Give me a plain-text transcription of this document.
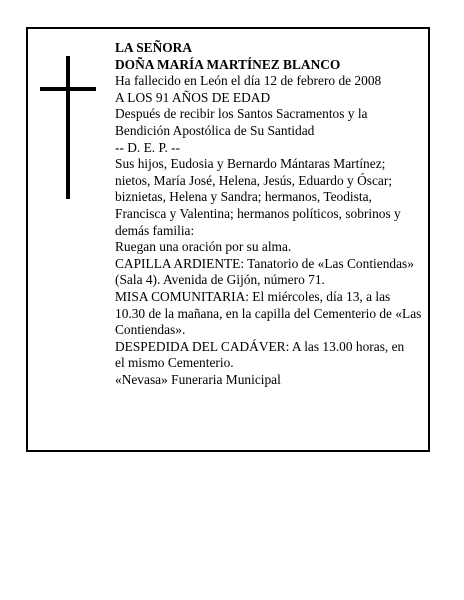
LA SEÑORA
DOÑA MARÍA MARTÍNEZ BLANCO
Ha fallecido en León el día 12 de febrero de 2008
A LOS 91 AÑOS DE EDAD
Después de recibir los Santos Sacramentos y la
Bendición Apostólica de Su Santidad
-- D. E. P. --
Sus hijos, Eudosia y Bernardo Mántaras Martínez;
nietos, María José, Helena, Jesús, Eduardo y Óscar;
biznietas, Helena y Sandra; hermanos, Teodista,
Francisca y Valentina; hermanos políticos, sobrinos y
demás familia:
Ruegan una oración por su alma.
CAPILLA ARDIENTE: Tanatorio de «Las Contiendas»
(Sala 4). Avenida de Gijón, número 71.
MISA COMUNITARIA: El miércoles, día 13, a las
10.30 de la mañana, en la capilla del Cementerio de «Las
Contiendas».
DESPEDIDA DEL CADÁVER: A las 13.00 horas, en
el mismo Cementerio.
«Nevasa» Funeraria Municipal
